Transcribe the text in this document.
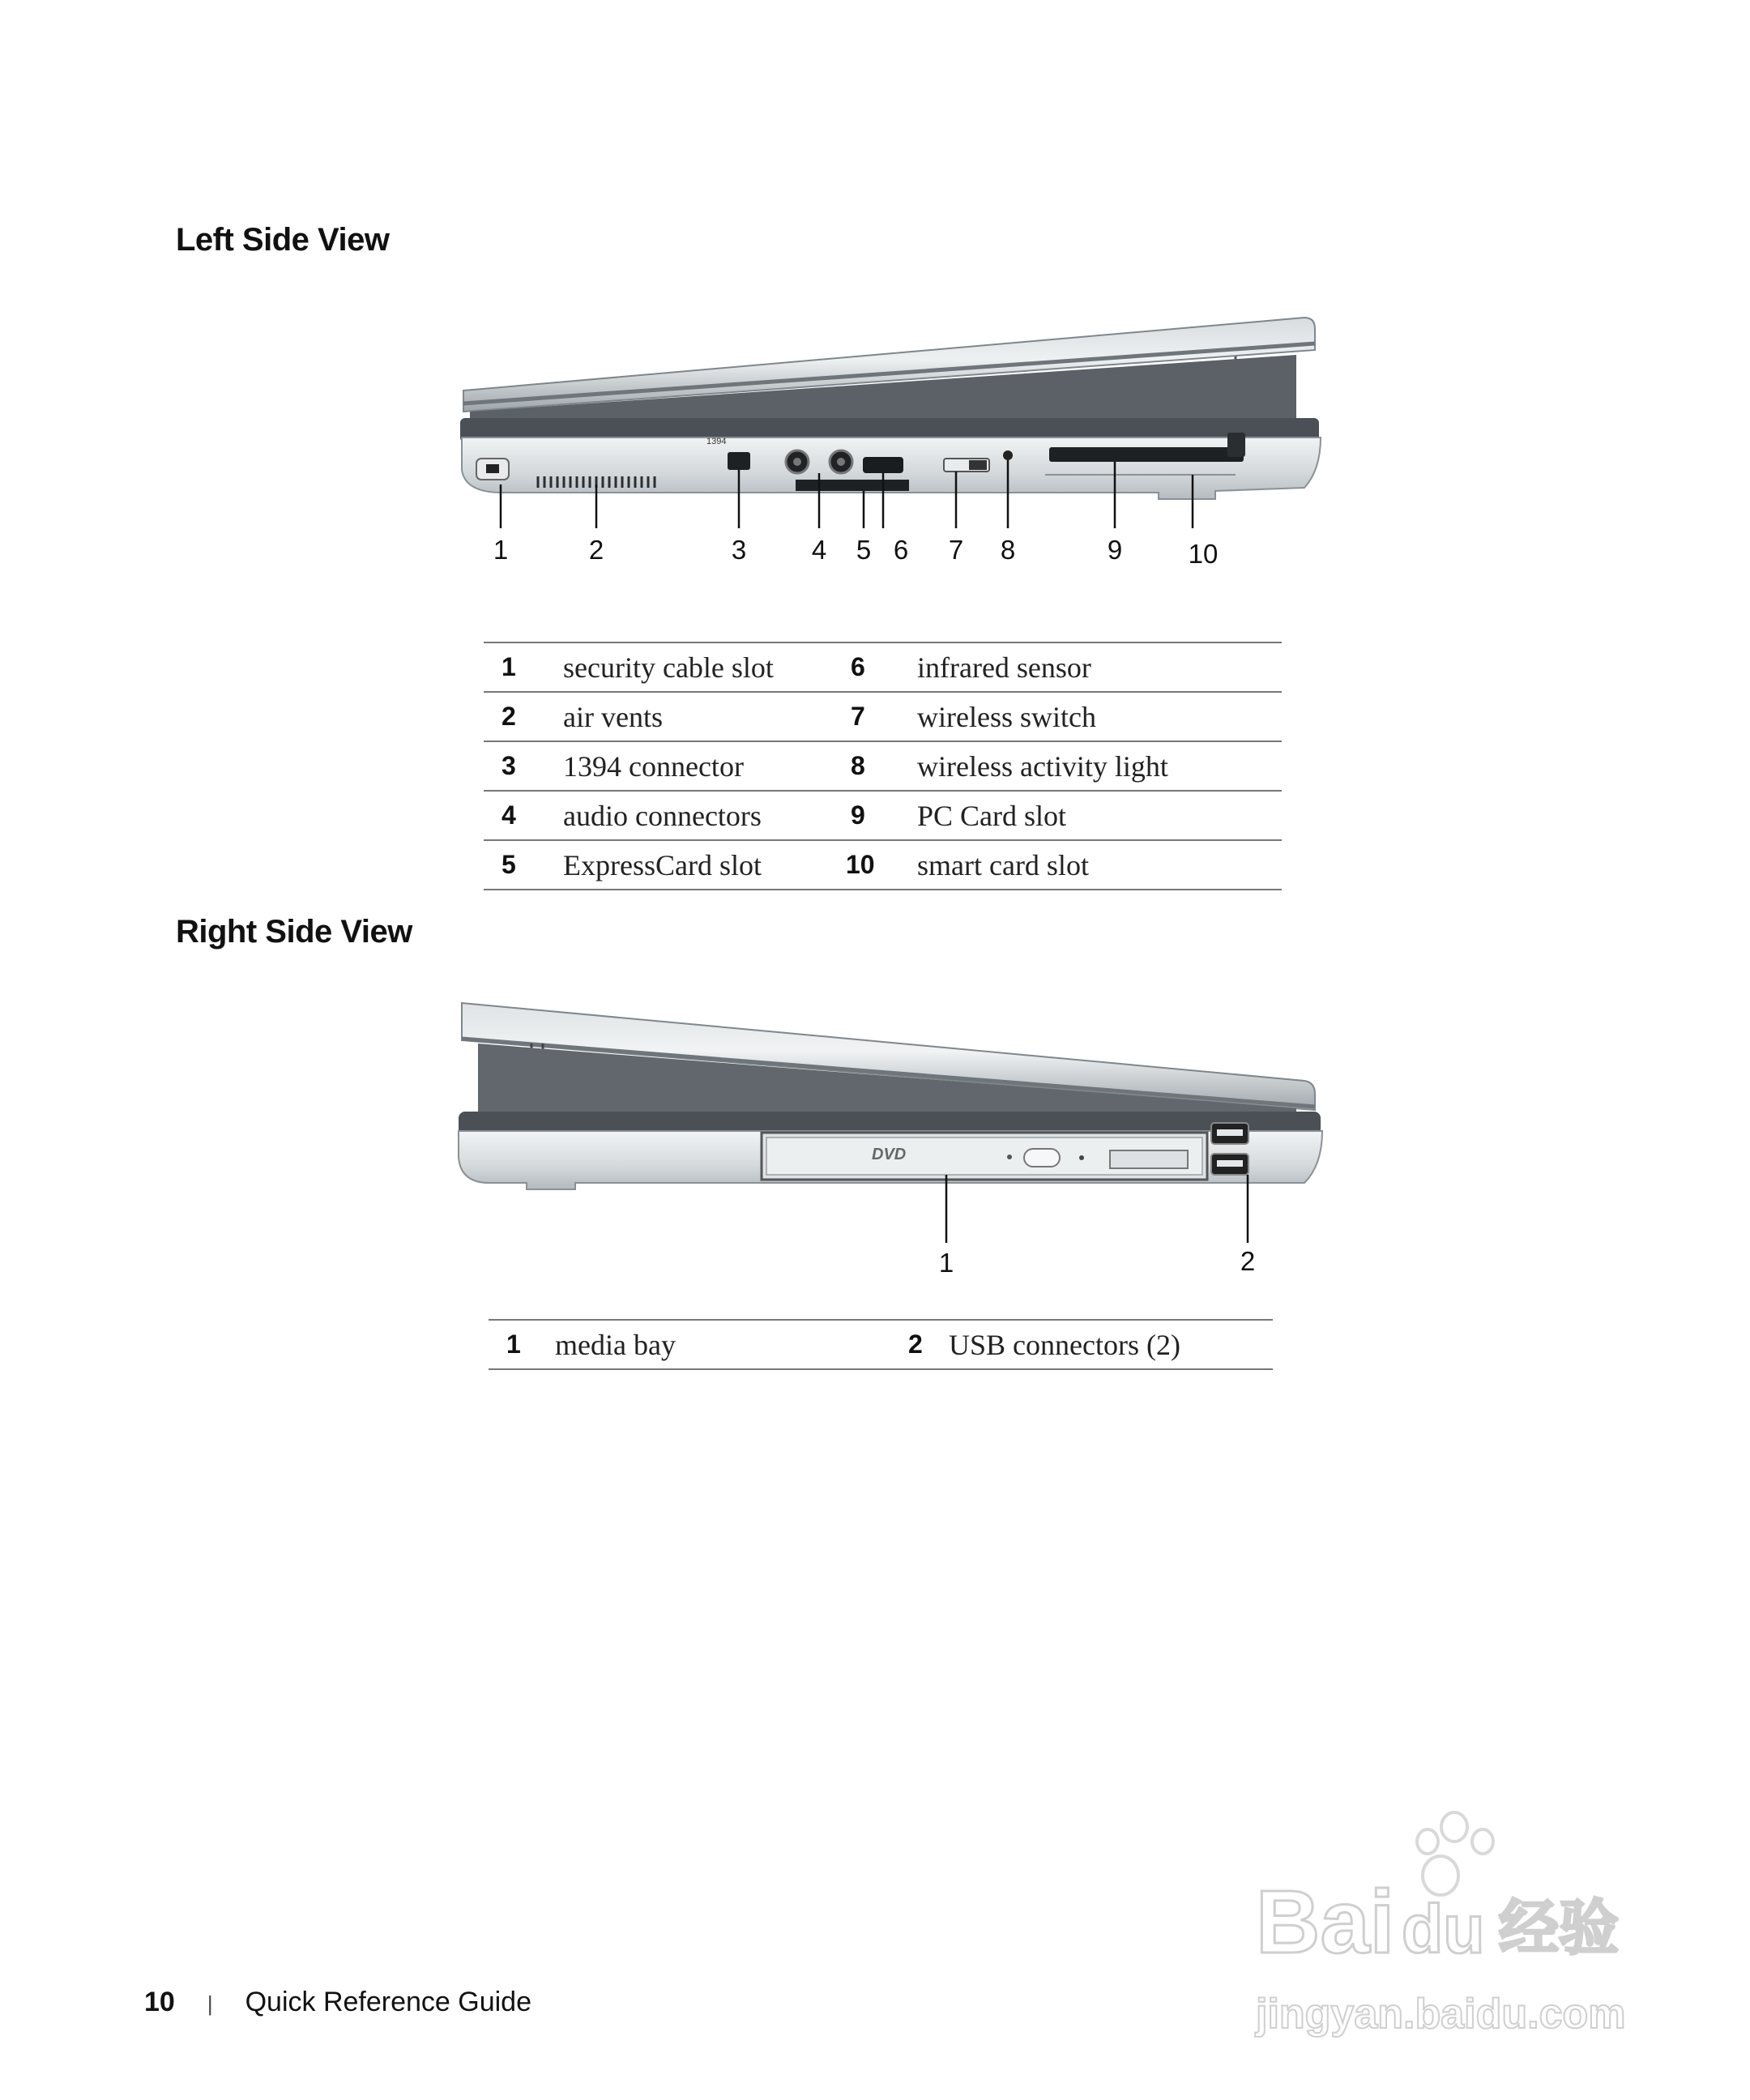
Left Side View
1394
1	2	3 4 5 6 7 8	9 10
1	security cable slot	6	infrared sensor
2	air vents	7	wireless switch
3	1394 connector	8	wireless activity light
4	audio connectors	9	PC Card slot
5	ExpressCard slot	10	smart card slot
Right Side View
DVD
1	2
1	media bay	2	USB connectors (2)
10 | Quick Reference Guide
Bai du 经验
jingyan.baidu.com
